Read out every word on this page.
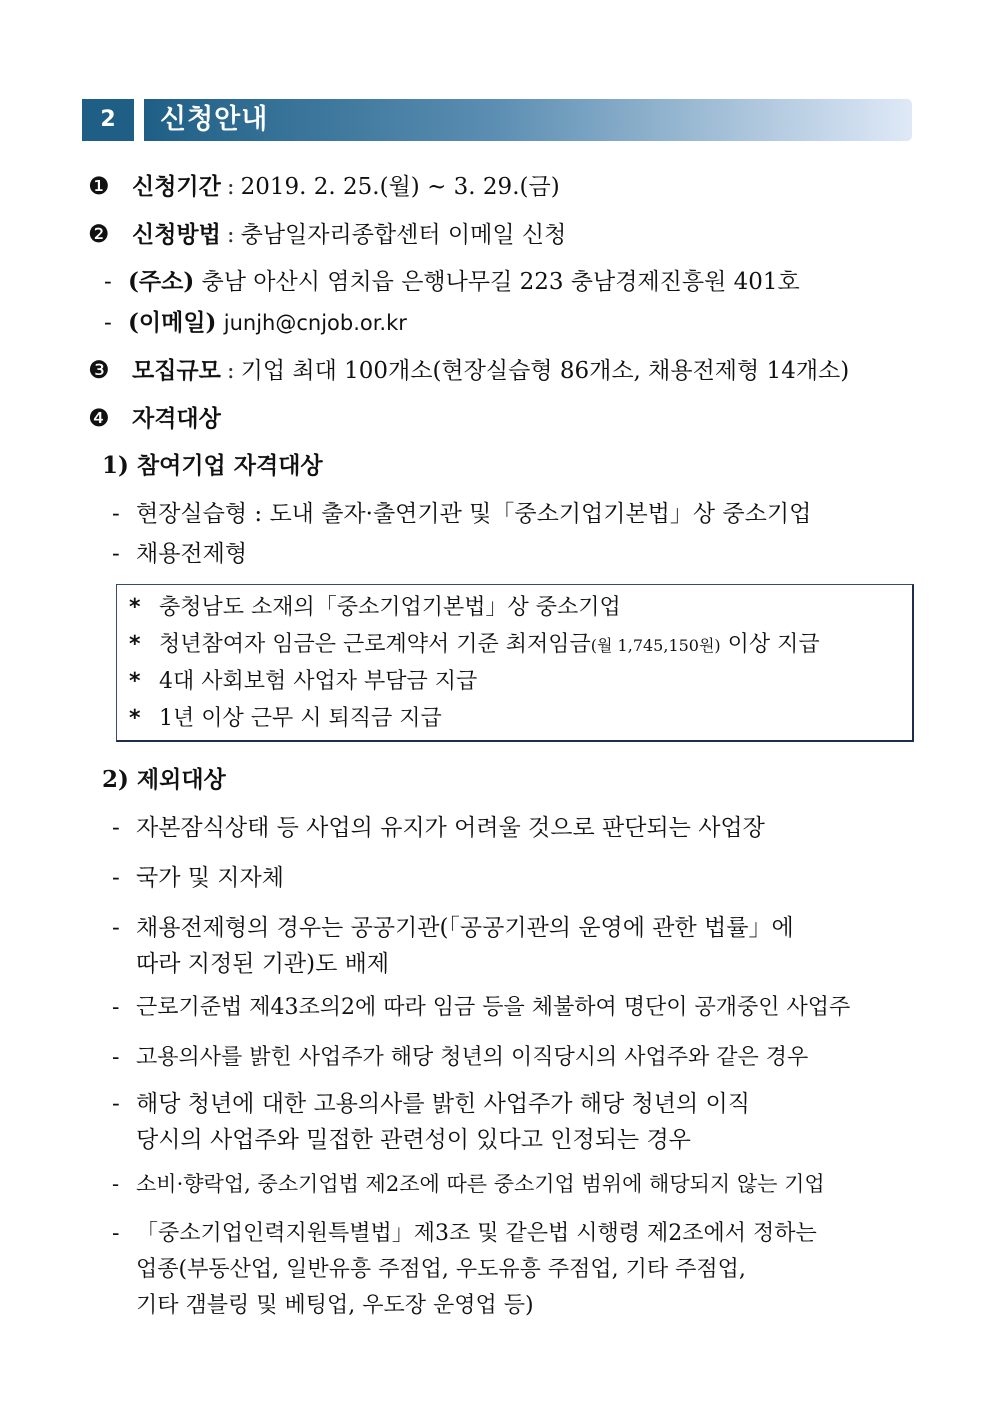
2	신청안내
❶ 신청기간 : 2019. 2. 25.(월) ~ 3. 29.(금)
❷ 신청방법 : 충남일자리종합센터 이메일 신청
- (주소) 충남 아산시 염치읍 은행나무길 223 충남경제진흥원 401호
- (이메일) junjh@cnjob.or.kr
❸ 모집규모 : 기업 최대 100개소(현장실습형 86개소, 채용전제형 14개소)
❹ 자격대상
1) 참여기업 자격대상
- 현장실습형 : 도내 출자·출연기관 및「중소기업기본법」상 중소기업
- 채용전제형
* 충청남도 소재의「중소기업기본법」상 중소기업
* 청년참여자 임금은 근로계약서 기준 최저임금(월 1,745,150원) 이상 지급
* 4대 사회보험 사업자 부담금 지급
* 1년 이상 근무 시 퇴직금 지급
2) 제외대상
- 자본잠식상태 등 사업의 유지가 어려울 것으로 판단되는 사업장
- 국가 및 지자체
- 채용전제형의 경우는 공공기관(「공공기관의 운영에 관한 법률」에
따라 지정된 기관)도 배제
- 근로기준법 제43조의2에 따라 임금 등을 체불하여 명단이 공개중인 사업주
- 고용의사를 밝힌 사업주가 해당 청년의 이직당시의 사업주와 같은 경우
- 해당 청년에 대한 고용의사를 밝힌 사업주가 해당 청년의 이직
당시의 사업주와 밀접한 관련성이 있다고 인정되는 경우
- 소비·향락업, 중소기업법 제2조에 따른 중소기업 범위에 해당되지 않는 기업
- 「중소기업인력지원특별법」제3조 및 같은법 시행령 제2조에서 정하는
업종(부동산업, 일반유흥 주점업, 우도유흥 주점업, 기타 주점업,
기타 갬블링 및 베팅업, 우도장 운영업 등)
